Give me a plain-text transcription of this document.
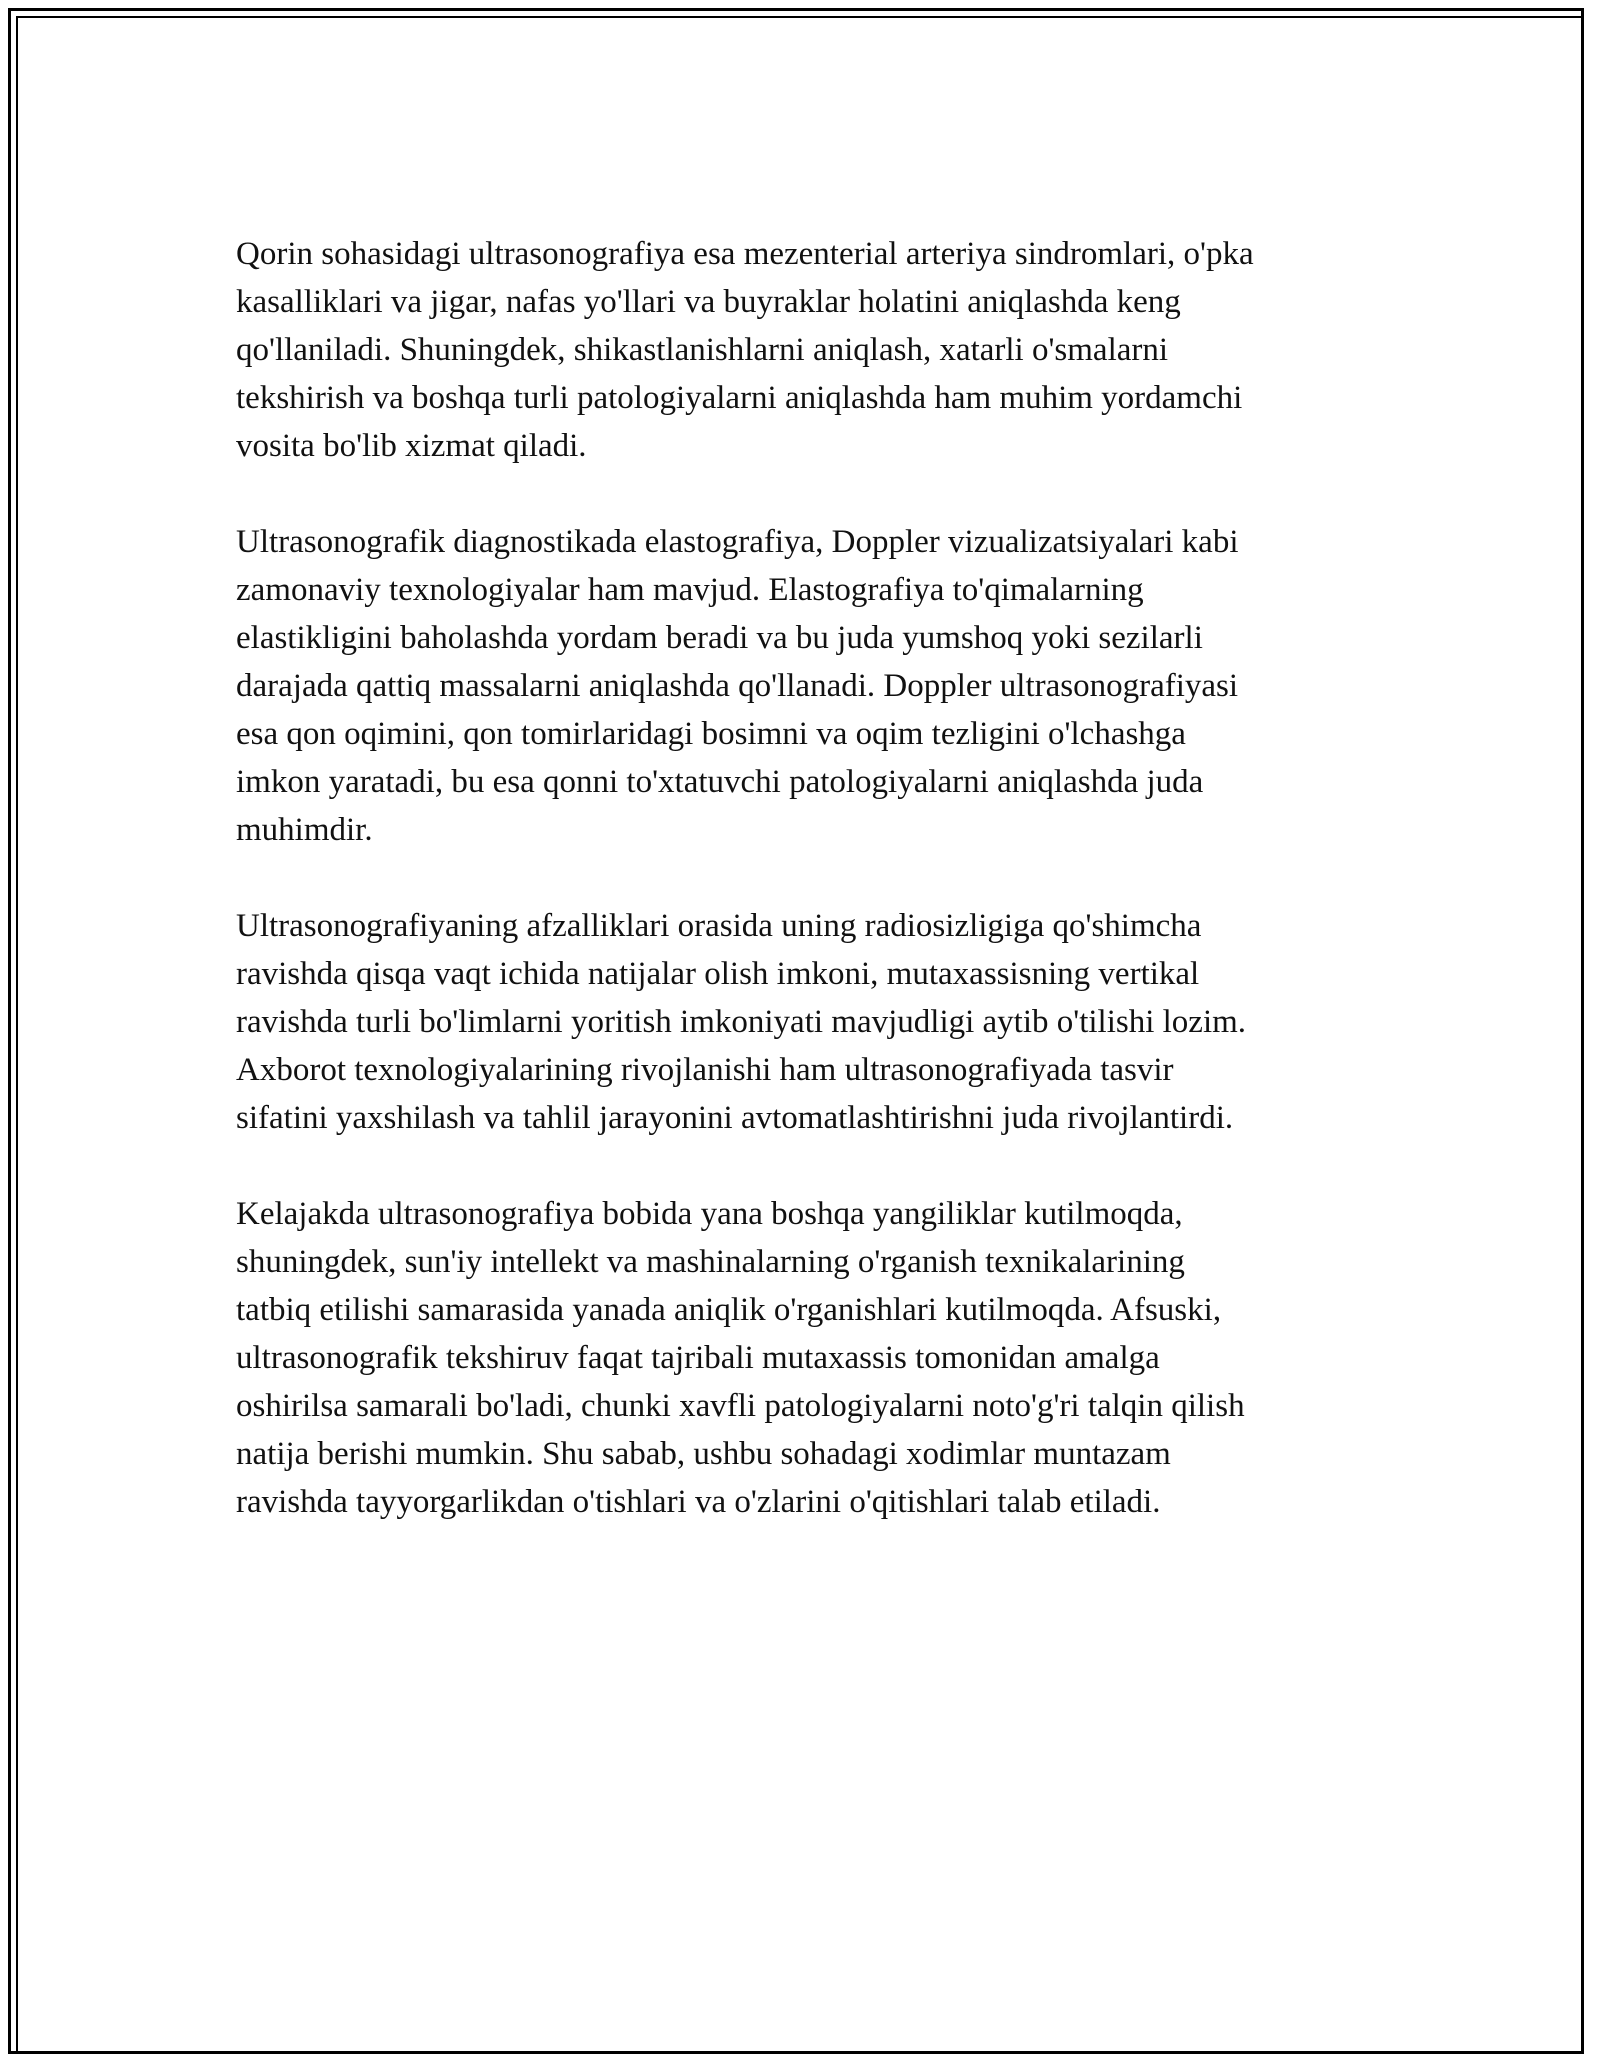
Qorin sohasidagi ultrasonografiya esa mezenterial arteriya sindromlari, o'pka
kasalliklari va jigar, nafas yo'llari va buyraklar holatini aniqlashda keng
qo'llaniladi. Shuningdek, shikastlanishlarni aniqlash, xatarli o'smalarni
tekshirish va boshqa turli patologiyalarni aniqlashda ham muhim yordamchi
vosita bo'lib xizmat qiladi.

Ultrasonografik diagnostikada elastografiya, Doppler vizualizatsiyalari kabi
zamonaviy texnologiyalar ham mavjud. Elastografiya to'qimalarning
elastikligini baholashda yordam beradi va bu juda yumshoq yoki sezilarli
darajada qattiq massalarni aniqlashda qo'llanadi. Doppler ultrasonografiyasi
esa qon oqimini, qon tomirlaridagi bosimni va oqim tezligini o'lchashga
imkon yaratadi, bu esa qonni to'xtatuvchi patologiyalarni aniqlashda juda
muhimdir.

Ultrasonografiyaning afzalliklari orasida uning radiosizligiga qo'shimcha
ravishda qisqa vaqt ichida natijalar olish imkoni, mutaxassisning vertikal
ravishda turli bo'limlarni yoritish imkoniyati mavjudligi aytib o'tilishi lozim.
Axborot texnologiyalarining rivojlanishi ham ultrasonografiyada tasvir
sifatini yaxshilash va tahlil jarayonini avtomatlashtirishni juda rivojlantirdi.

Kelajakda ultrasonografiya bobida yana boshqa yangiliklar kutilmoqda,
shuningdek, sun'iy intellekt va mashinalarning o'rganish texnikalarining
tatbiq etilishi samarasida yanada aniqlik o'rganishlari kutilmoqda. Afsuski,
ultrasonografik tekshiruv faqat tajribali mutaxassis tomonidan amalga
oshirilsa samarali bo'ladi, chunki xavfli patologiyalarni noto'g'ri talqin qilish
natija berishi mumkin. Shu sabab, ushbu sohadagi xodimlar muntazam
ravishda tayyorgarlikdan o'tishlari va o'zlarini o'qitishlari talab etiladi.
